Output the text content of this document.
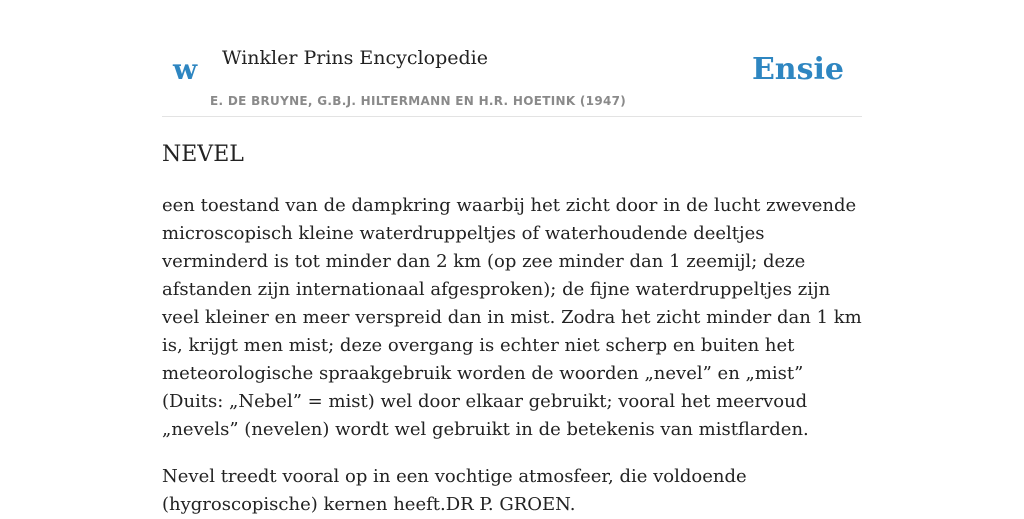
w Winkler Prins Encyclopedie
E. DE BRUYNE, G.B.J. HILTERMANN EN H.R. HOETINK (1947)
Ensie
NEVEL

een toestand van de dampkring waarbij het zicht door in de lucht zwevende microscopisch kleine waterdruppeltjes of waterhoudende deeltjes verminderd is tot minder dan 2 km (op zee minder dan 1 zeemijl; deze afstanden zijn internationaal afgesproken); de fijne waterdruppeltjes zijn veel kleiner en meer verspreid dan in mist. Zodra het zicht minder dan 1 km is, krijgt men mist; deze overgang is echter niet scherp en buiten het meteorologische spraakgebruik worden de woorden „nevel” en „mist” (Duits: „Nebel” = mist) wel door elkaar gebruikt; vooral het meervoud „nevels” (nevelen) wordt wel gebruikt in de betekenis van mistflarden.

Nevel treedt vooral op in een vochtige atmosfeer, die voldoende (hygroscopische) kernen heeft.DR P. GROEN.
